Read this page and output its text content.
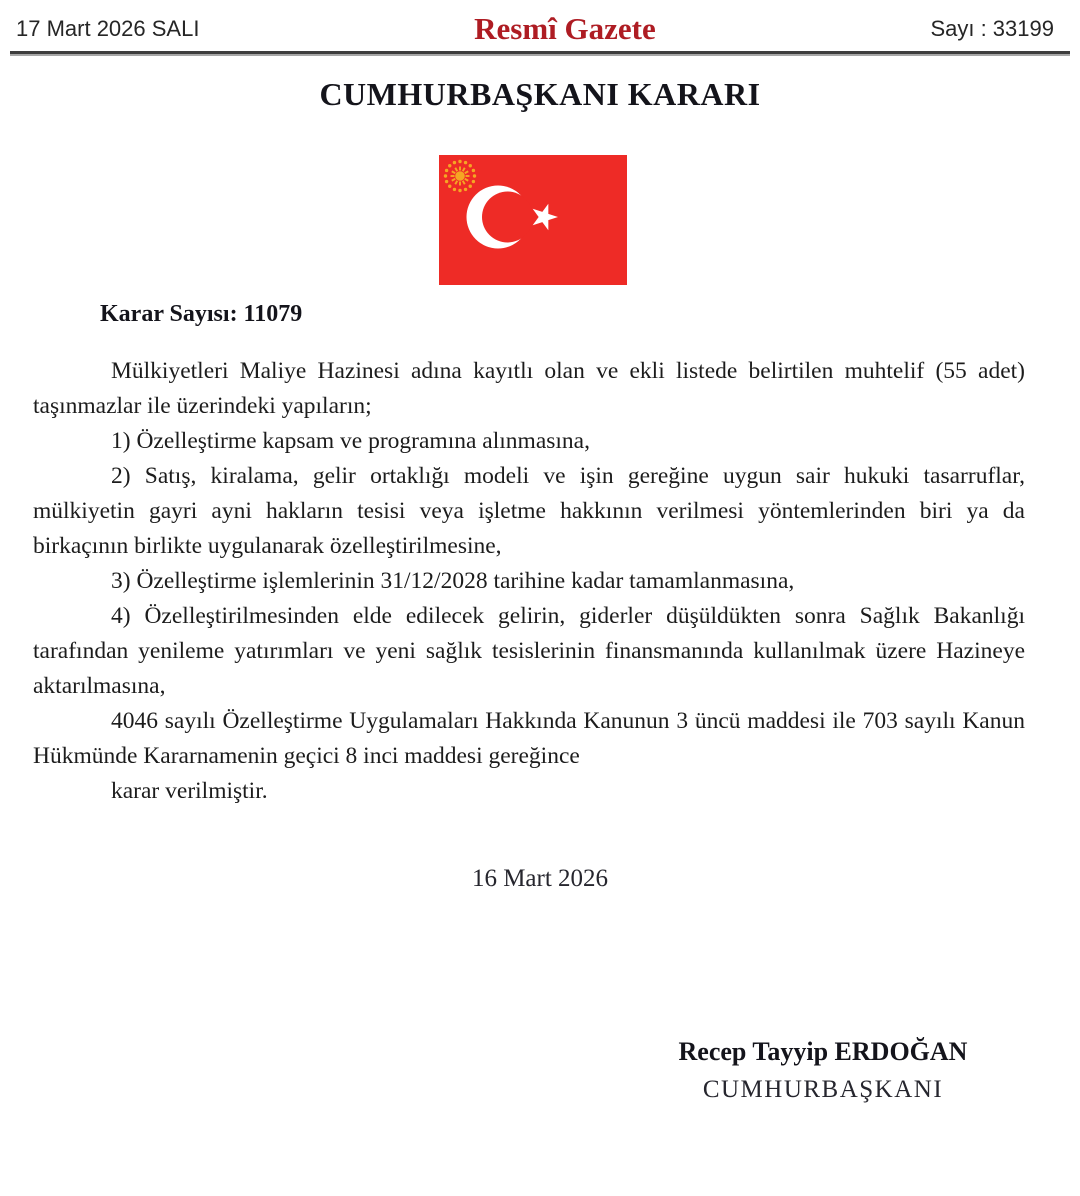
17 Mart 2026 SALI	Resmî Gazete	Sayı : 33199
CUMHURBAŞKANI KARARI

Karar Sayısı: 11079

Mülkiyetleri Maliye Hazinesi adına kayıtlı olan ve ekli listede belirtilen muhtelif (55 adet) taşınmazlar ile üzerindeki yapıların;

1) Özelleştirme kapsam ve programına alınmasına,

2) Satış, kiralama, gelir ortaklığı modeli ve işin gereğine uygun sair hukuki tasarruflar, mülkiyetin gayri ayni hakların tesisi veya işletme hakkının verilmesi yöntemlerinden biri ya da birkaçının birlikte uygulanarak özelleştirilmesine,

3) Özelleştirme işlemlerinin 31/12/2028 tarihine kadar tamamlanmasına,

4) Özelleştirilmesinden elde edilecek gelirin, giderler düşüldükten sonra Sağlık Bakanlığı tarafından yenileme yatırımları ve yeni sağlık tesislerinin finansmanında kullanılmak üzere Hazineye aktarılmasına,

4046 sayılı Özelleştirme Uygulamaları Hakkında Kanunun 3 üncü maddesi ile 703 sayılı Kanun Hükmünde Kararnamenin geçici 8 inci maddesi gereğince

karar verilmiştir.

16 Mart 2026

Recep Tayyip ERDOĞAN

CUMHURBAŞKANI
